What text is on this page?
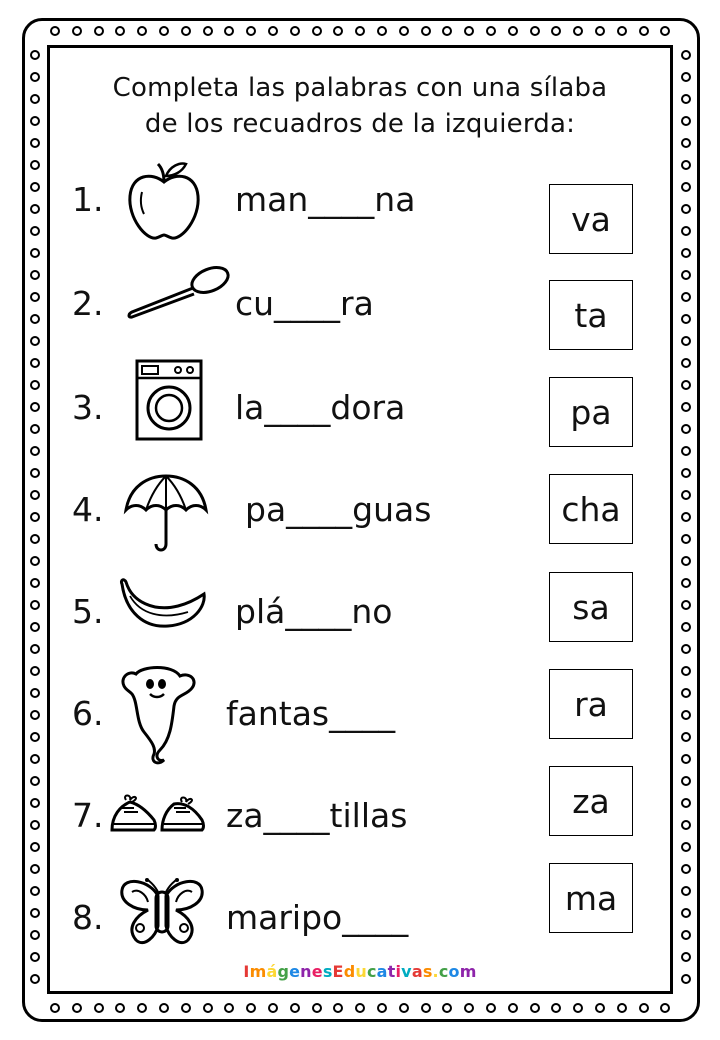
Completa las palabras con una sílaba
de los recuadros de la izquierda:
1.	man____na
2.	cu____ra
3.	la____dora
4.	pa____guas
5.	plá____no
6.	fantas____
7.	za____tillas
8.	maripo____
va
ta
pa
cha
sa
ra
za
ma
ImágenesEducativas.com
